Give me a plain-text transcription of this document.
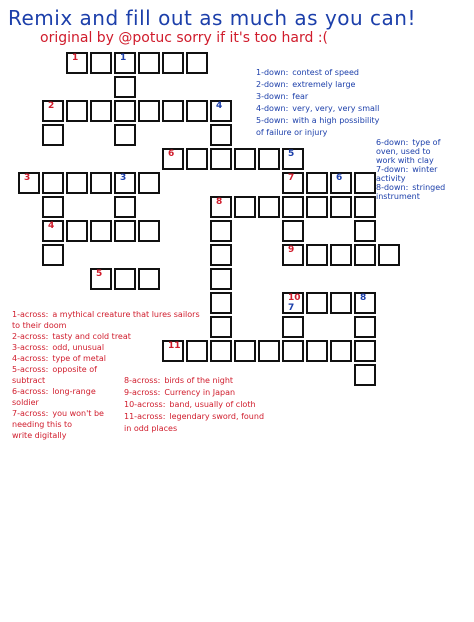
Remix and fill out as much as you can!
original by @potuc sorry if it's too hard :(
1	1
2	4
6	5
3	3	7	6
8
4
9
5
10
7
8
11
1-down: contest of speed
2-down: extremely large
3-down: fear
4-down: very, very, very small
5-down: with a high possibility
of failure or injury
6-down: type of
oven, used to
work with clay
7-down: winter
activity
8-down: stringed
instrument
1-across: a mythical creature that lures sailors
to their doom
2-across: tasty and cold treat
3-across: odd, unusual
4-across: type of metal
5-across: opposite of
subtract
6-across: long-range
soldier
7-across: you won't be
needing this to
write digitally
8-across: birds of the night
9-across: Currency in Japan
10-across: band, usually of cloth
11-across: legendary sword, found
in odd places
